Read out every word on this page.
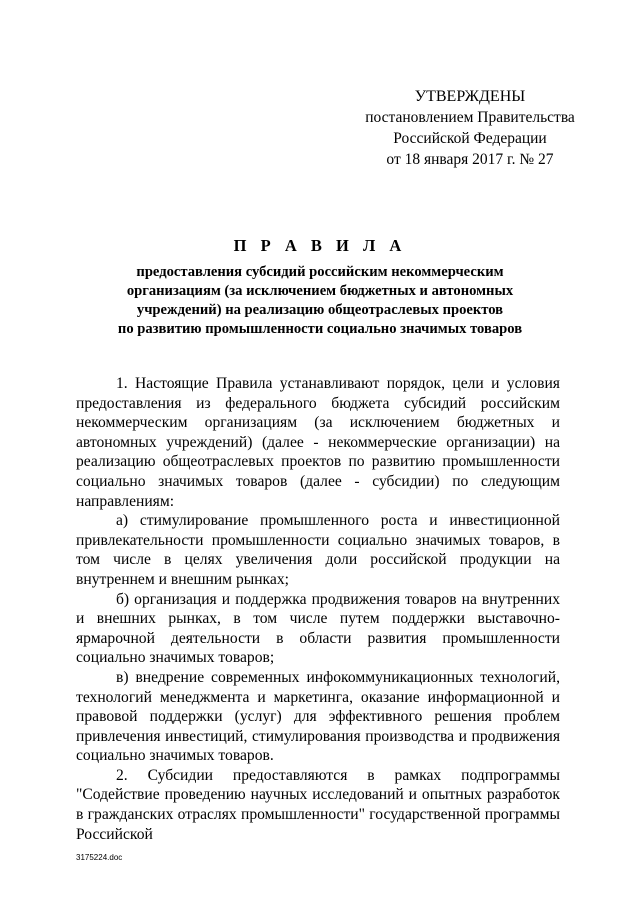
УТВЕРЖДЕНЫ
постановлением Правительства
Российской Федерации
от 18 января 2017 г. № 27
П Р А В И Л А
предоставления субсидий российским некоммерческим
организациям (за исключением бюджетных и автономных
учреждений) на реализацию общеотраслевых проектов
по развитию промышленности социально значимых товаров

1. Настоящие Правила устанавливают порядок, цели и условия предоставления из федерального бюджета субсидий российским некоммерческим организациям (за исключением бюджетных и автономных учреждений) (далее - некоммерческие организации) на реализацию общеотраслевых проектов по развитию промышленности социально значимых товаров (далее - субсидии) по следующим направлениям:

а) стимулирование промышленного роста и инвестиционной привлекательности промышленности социально значимых товаров, в том числе в целях увеличения доли российской продукции на внутреннем и внешним рынках;

б) организация и поддержка продвижения товаров на внутренних и внешних рынках, в том числе путем поддержки выставочно-ярмарочной деятельности в области развития промышленности социально значимых товаров;

в) внедрение современных инфокоммуникационных технологий, технологий менеджмента и маркетинга, оказание информационной и правовой поддержки (услуг) для эффективного решения проблем привлечения инвестиций, стимулирования производства и продвижения социально значимых товаров.

2. Субсидии предоставляются в рамках подпрограммы "Содействие проведению научных исследований и опытных разработок в гражданских отраслях промышленности" государственной программы Российской

3175224.doc
